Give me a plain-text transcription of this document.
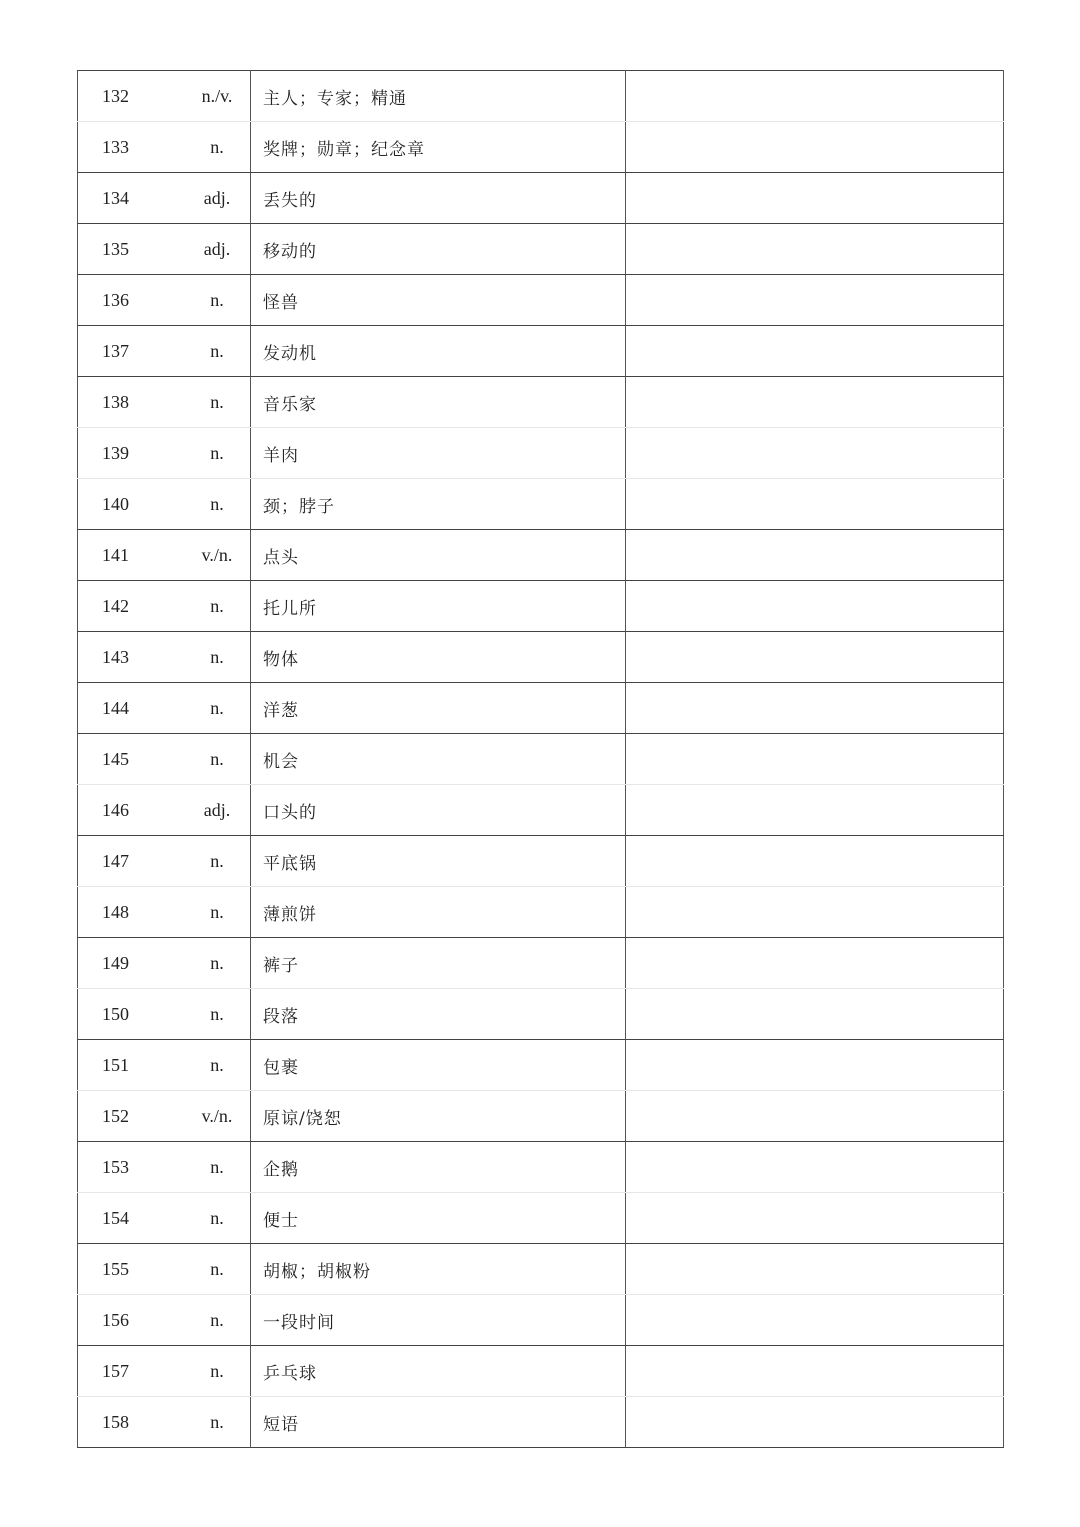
132 n./v.	主人；专家；精通	

133 n.	奖牌；勋章；纪念章	

134 adj.	丢失的	

135 adj.	移动的	

136 n.	怪兽	

137 n.	发动机	

138 n.	音乐家	

139 n.	羊肉	

140 n.	颈；脖子	

141 v./n.	点头	

142 n.	托儿所	

143 n.	物体	

144 n.	洋葱	

145 n.	机会	

146 adj.	口头的	

147 n.	平底锅	

148 n.	薄煎饼	

149 n.	裤子	

150 n.	段落	

151 n.	包裹	

152 v./n.	原谅/饶恕	

153 n.	企鹅	

154 n.	便士	

155 n.	胡椒；胡椒粉	

156 n.	一段时间	

157 n.	乒乓球	

158 n.	短语	
